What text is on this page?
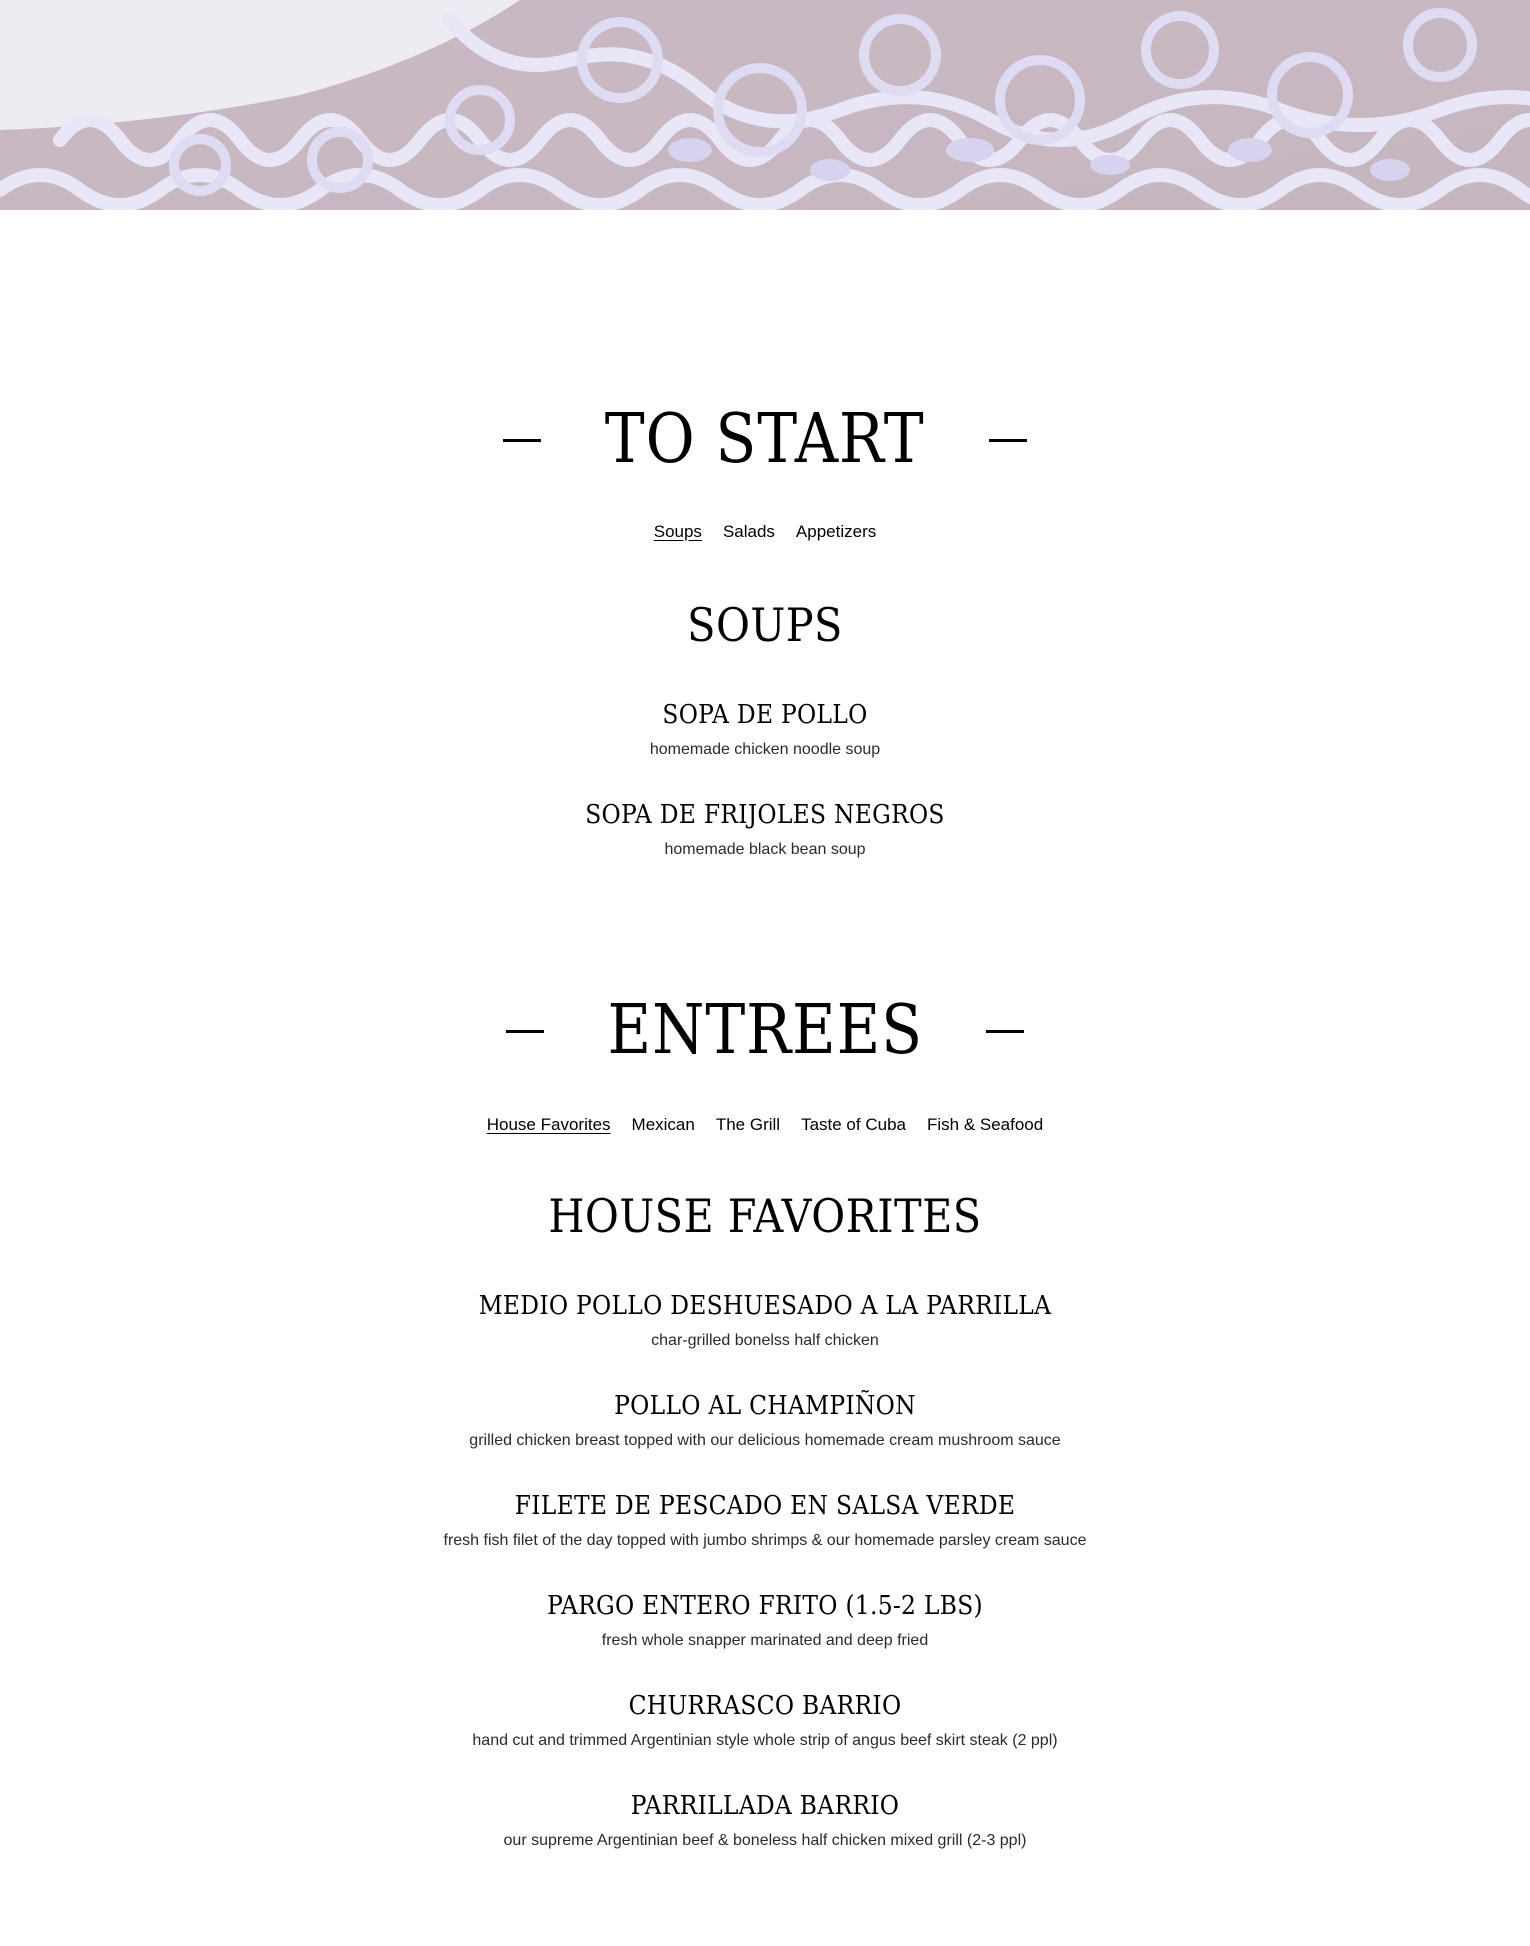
TO START
Soups Salads Appetizers
SOUPS
SOPA DE POLLO
homemade chicken noodle soup
SOPA DE FRIJOLES NEGROS
homemade black bean soup
ENTREES
House Favorites Mexican The Grill Taste of Cuba Fish & Seafood
HOUSE FAVORITES
MEDIO POLLO DESHUESADO A LA PARRILLA
char-grilled bonelss half chicken
POLLO AL CHAMPIÑON
grilled chicken breast topped with our delicious homemade cream mushroom sauce
FILETE DE PESCADO EN SALSA VERDE
fresh fish filet of the day topped with jumbo shrimps & our homemade parsley cream sauce
PARGO ENTERO FRITO (1.5-2 LBS)
fresh whole snapper marinated and deep fried
CHURRASCO BARRIO
hand cut and trimmed Argentinian style whole strip of angus beef skirt steak (2 ppl)
PARRILLADA BARRIO
our supreme Argentinian beef & boneless half chicken mixed grill (2-3 ppl)
